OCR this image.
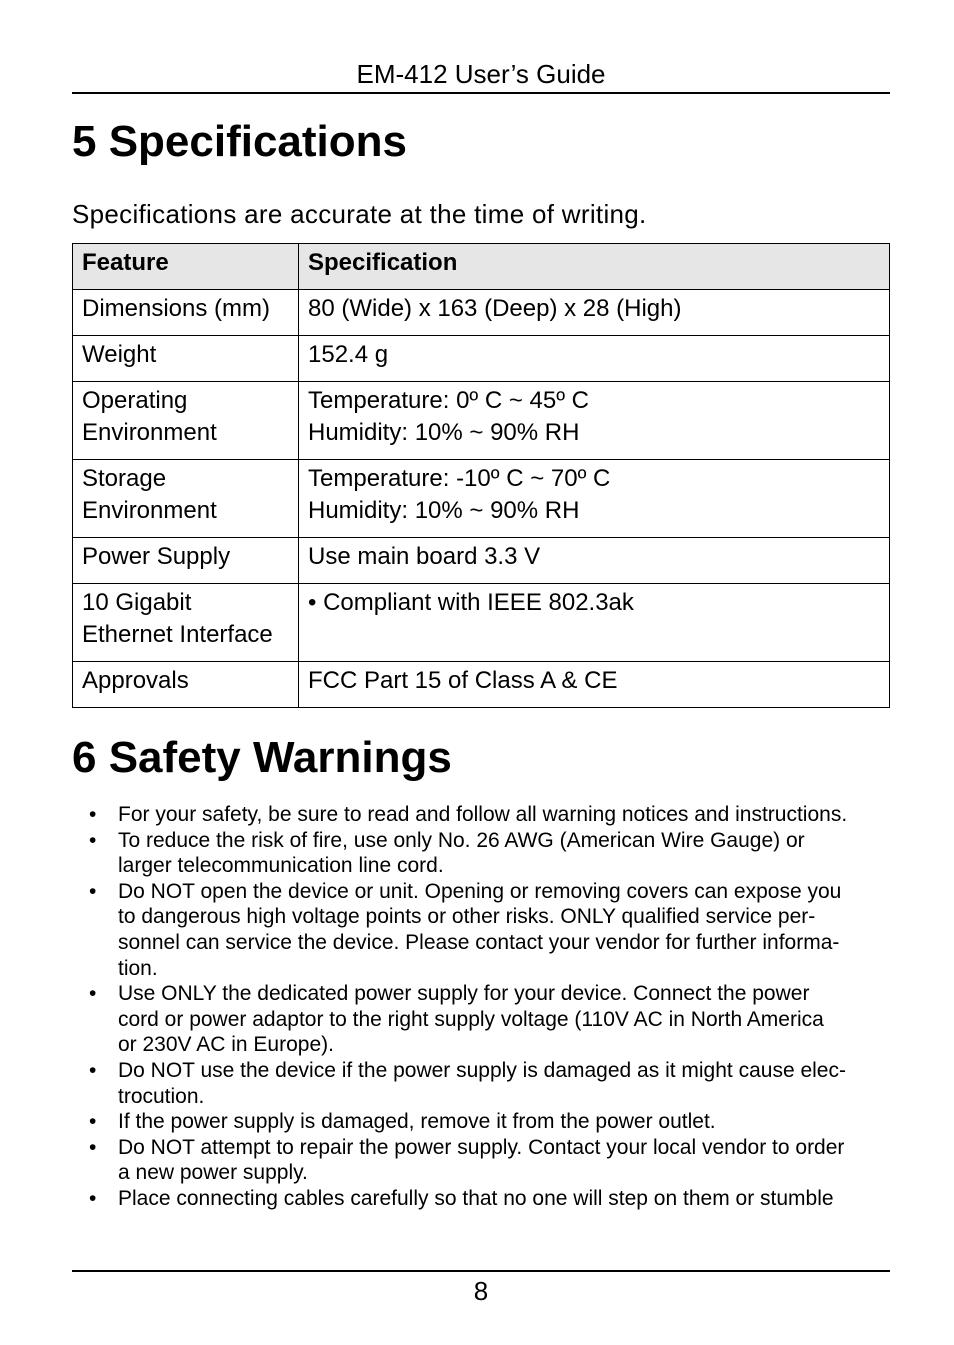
EM-412 User’s Guide
5 Specifications
Specifications are accurate at the time of writing.
Feature	Specification

Dimensions (mm)	80 (Wide) x 163 (Deep) x 28 (High)

Weight	152.4 g

Operating
Environment	Temperature: 0º C ~ 45º C
Humidity: 10% ~ 90% RH

Storage
Environment	Temperature: -10º C ~ 70º C
Humidity: 10% ~ 90% RH

Power Supply	Use main board 3.3 V

10 Gigabit
Ethernet Interface	• Compliant with IEEE 802.3ak

Approvals	FCC Part 15 of Class A & CE
6 Safety Warnings
• For your safety, be sure to read and follow all warning notices and instructions.
• To reduce the risk of fire, use only No. 26 AWG (American Wire Gauge) or
larger telecommunication line cord.
• Do NOT open the device or unit. Opening or removing covers can expose you
to dangerous high voltage points or other risks. ONLY qualified service per-
sonnel can service the device. Please contact your vendor for further informa-
tion.
• Use ONLY the dedicated power supply for your device. Connect the power
cord or power adaptor to the right supply voltage (110V AC in North America
or 230V AC in Europe).
• Do NOT use the device if the power supply is damaged as it might cause elec-
trocution.
• If the power supply is damaged, remove it from the power outlet.
• Do NOT attempt to repair the power supply. Contact your local vendor to order
a new power supply.
• Place connecting cables carefully so that no one will step on them or stumble
8
